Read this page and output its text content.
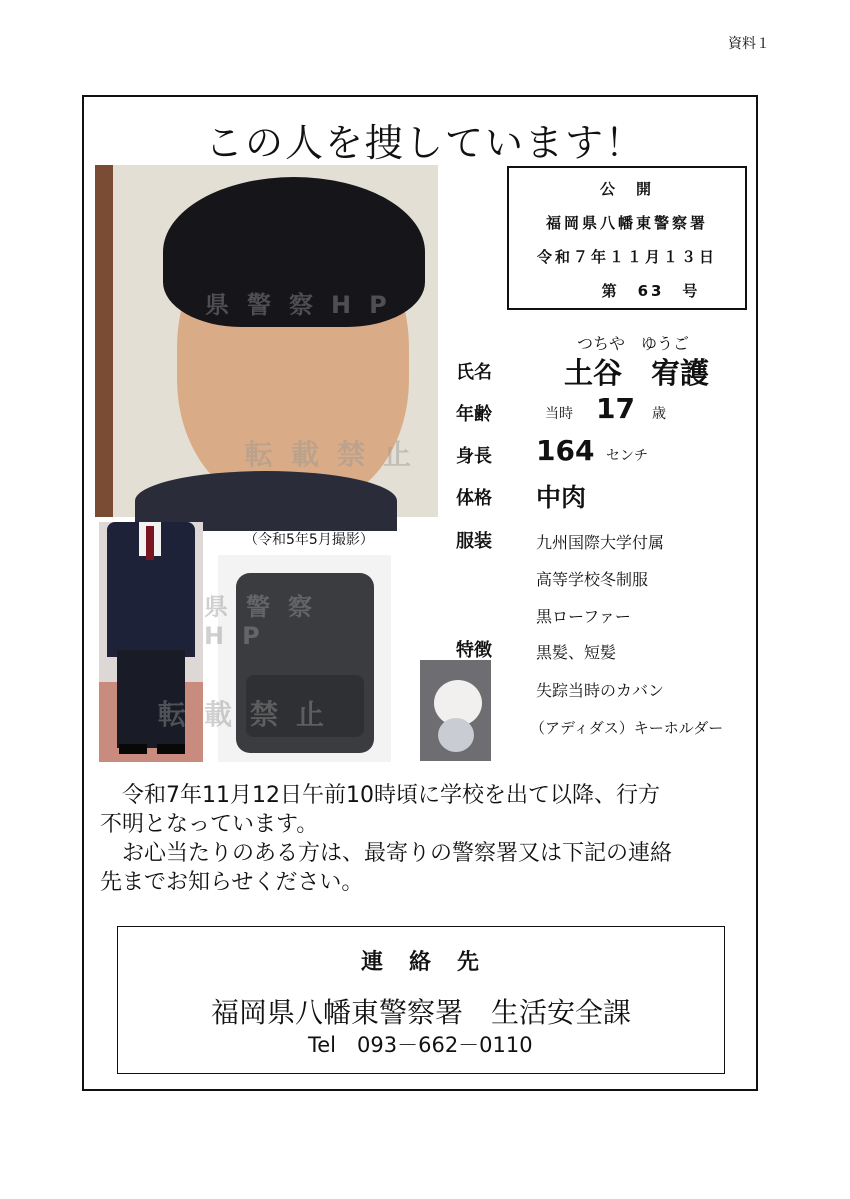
資料１
この人を捜しています！
公　開
福岡県八幡東警察署
令和７年１１月１３日
第　63　号
県警察HP
転載禁止
（令和5年5月撮影）
県警察HP
転載禁止
つちや　ゆうご
氏名 土谷　宥護
年齢	当時 17 歳
身長 164 センチ
体格 中肉
服装	九州国際大学付属
高等学校冬制服
黒ローファー
特徴	黒髪、短髪
失踪当時のカバン
（アディダス）キーホルダー
令和7年11月12日午前10時頃に学校を出て以降、行方
不明となっています。
お心当たりのある方は、最寄りの警察署又は下記の連絡
先までお知らせください。
連　絡　先
福岡県八幡東警察署　生活安全課
Tel　093－662－0110
